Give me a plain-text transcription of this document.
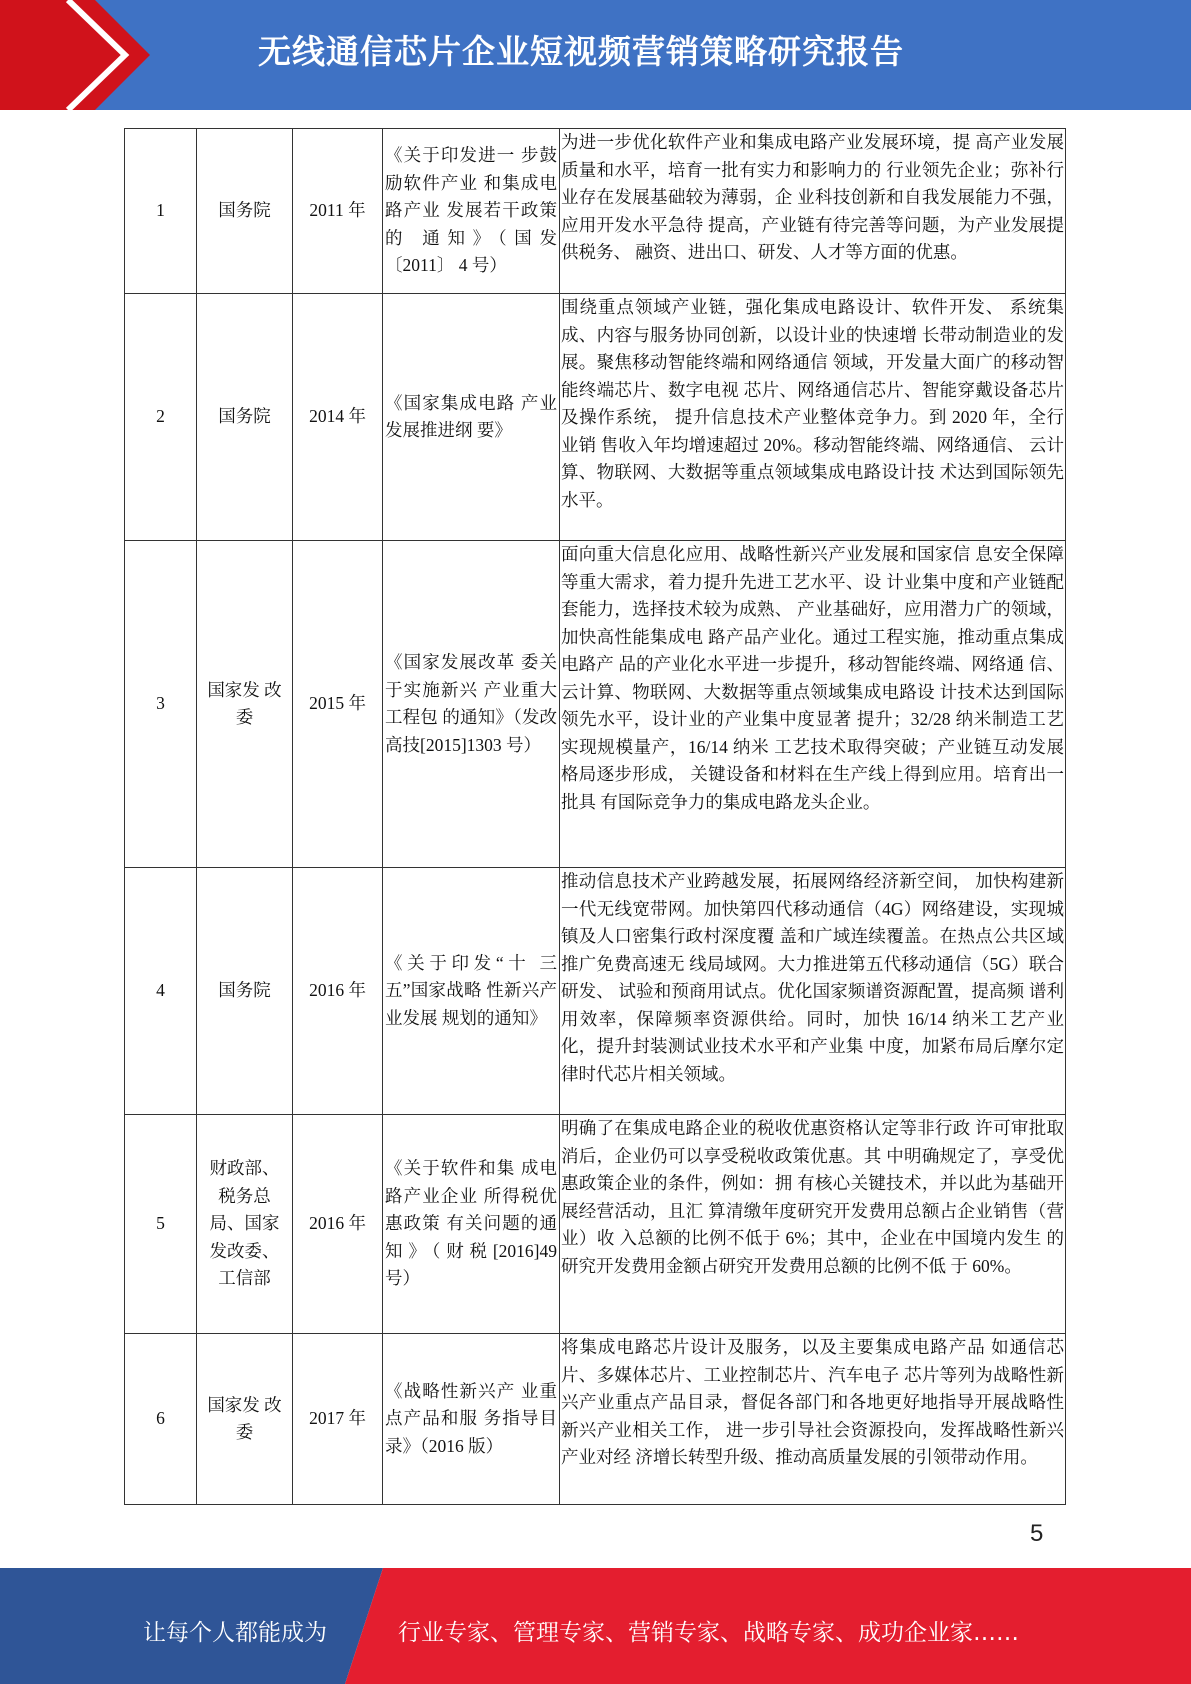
无线通信芯片企业短视频营销策略研究报告
1	国务院	2011 年	《关于印发进一 步鼓励软件产业 和集成电路产业 发展若干政策的 通知》（国发〔2011〕 4 号）	为进一步优化软件产业和集成电路产业发展环境，提 高产业发展质量和水平，培育一批有实力和影响力的 行业领先企业；弥补行业存在发展基础较为薄弱，企 业科技创新和自我发展能力不强，应用开发水平急待 提高，产业链有待完善等问题，为产业发展提供税务、 融资、进出口、研发、人才等方面的优惠。
2	国务院	2014 年	《国家集成电路 产业发展推进纲 要》	围绕重点领域产业链，强化集成电路设计、软件开发、 系统集成、内容与服务协同创新，以设计业的快速增 长带动制造业的发展。聚焦移动智能终端和网络通信 领域，开发量大面广的移动智能终端芯片、数字电视 芯片、网络通信芯片、智能穿戴设备芯片及操作系统， 提升信息技术产业整体竞争力。到 2020 年，全行业销 售收入年均增速超过 20%。移动智能终端、网络通信、 云计算、物联网、大数据等重点领域集成电路设计技 术达到国际领先水平。
3	国家发 改委	2015 年	《国家发展改革 委关于实施新兴 产业重大工程包 的通知》（发改 高技[2015]1303 号）	面向重大信息化应用、战略性新兴产业发展和国家信 息安全保障等重大需求，着力提升先进工艺水平、设 计业集中度和产业链配套能力，选择技术较为成熟、 产业基础好，应用潜力广的领域，加快高性能集成电 路产品产业化。通过工程实施，推动重点集成电路产 品的产业化水平进一步提升，移动智能终端、网络通 信、云计算、物联网、大数据等重点领域集成电路设 计技术达到国际领先水平，设计业的产业集中度显著 提升；32/28 纳米制造工艺实现规模量产，16/14 纳米 工艺技术取得突破；产业链互动发展格局逐步形成， 关键设备和材料在生产线上得到应用。培育出一批具 有国际竞争力的集成电路龙头企业。
4	国务院	2016 年	《关于印发“十 三五”国家战略 性新兴产业发展 规划的通知》	推动信息技术产业跨越发展，拓展网络经济新空间， 加快构建新一代无线宽带网。加快第四代移动通信（4G）网络建设，实现城镇及人口密集行政村深度覆 盖和广域连续覆盖。在热点公共区域推广免费高速无 线局域网。大力推进第五代移动通信（5G）联合研发、 试验和预商用试点。优化国家频谱资源配置，提高频 谱利用效率，保障频率资源供给。同时，加快 16/14 纳米工艺产业化，提升封装测试业技术水平和产业集 中度，加紧布局后摩尔定律时代芯片相关领域。
5	财政部、 税务总 局、国家 发改委、 工信部	2016 年	《关于软件和集 成电路产业企业 所得税优惠政策 有关问题的通 知》（财税[2016]49 号）	明确了在集成电路企业的税收优惠资格认定等非行政 许可审批取消后，企业仍可以享受税收政策优惠。其 中明确规定了，享受优惠政策企业的条件，例如：拥 有核心关键技术，并以此为基础开展经营活动，且汇 算清缴年度研究开发费用总额占企业销售（营业）收 入总额的比例不低于 6%；其中，企业在中国境内发生 的研究开发费用金额占研究开发费用总额的比例不低 于 60%。
6	国家发 改委	2017 年	《战略性新兴产 业重点产品和服 务指导目录》（2016 版）	将集成电路芯片设计及服务，以及主要集成电路产品 如通信芯片、多媒体芯片、工业控制芯片、汽车电子 芯片等列为战略性新兴产业重点产品目录，督促各部门和各地更好地指导开展战略性新兴产业相关工作， 进一步引导社会资源投向，发挥战略性新兴产业对经 济增长转型升级、推动高质量发展的引领带动作用。
5
让每个人都能成为	行业专家、管理专家、营销专家、战略专家、成功企业家……
